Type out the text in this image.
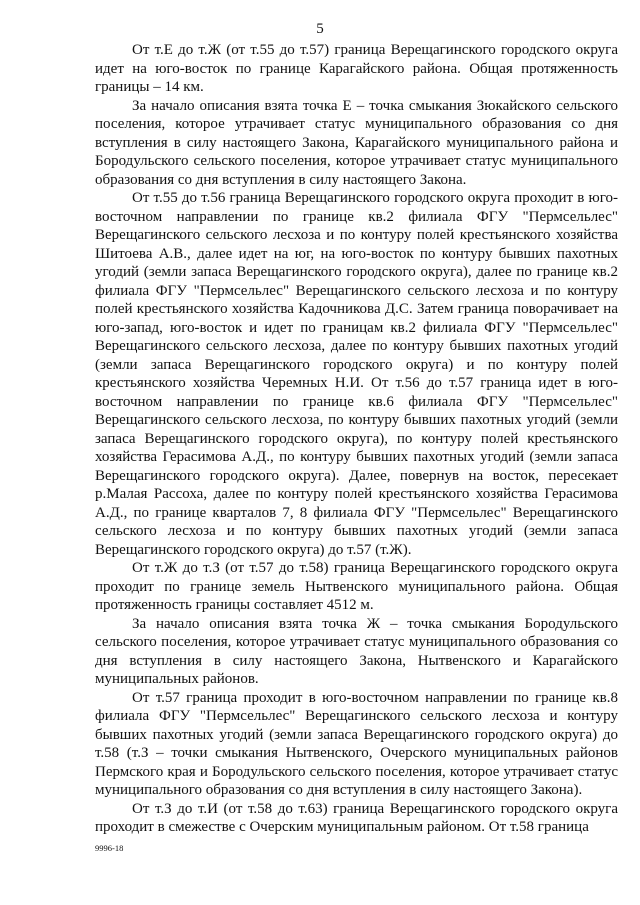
5

От т.Е до т.Ж (от т.55 до т.57) граница Верещагинского городского округа идет на юго-восток по границе Карагайского района. Общая протяженность границы – 14 км.

За начало описания взята точка Е – точка смыкания Зюкайского сельского поселения, которое утрачивает статус муниципального образования со дня вступления в силу настоящего Закона, Карагайского муниципального района и Бородульского сельского поселения, которое утрачивает статус муниципального образования со дня вступления в силу настоящего Закона.

От т.55 до т.56 граница Верещагинского городского округа проходит в юго-восточном направлении по границе кв.2 филиала ФГУ "Пермсельлес" Верещагинского сельского лесхоза и по контуру полей крестьянского хозяйства Шитоева А.В., далее идет на юг, на юго-восток по контуру бывших пахотных угодий (земли запаса Верещагинского городского округа), далее по границе кв.2 филиала ФГУ "Пермсельлес" Верещагинского сельского лесхоза и по контуру полей крестьянского хозяйства Кадочникова Д.С. Затем граница поворачивает на юго-запад, юго-восток и идет по границам кв.2 филиала ФГУ "Пермсельлес" Верещагинского сельского лесхоза, далее по контуру бывших пахотных угодий (земли запаса Верещагинского городского округа) и по контуру полей крестьянского хозяйства Черемных Н.И. От т.56 до т.57 граница идет в юго-восточном направлении по границе кв.6 филиала ФГУ "Пермсельлес" Верещагинского сельского лесхоза, по контуру бывших пахотных угодий (земли запаса Верещагинского городского округа), по контуру полей крестьянского хозяйства Герасимова А.Д., по контуру бывших пахотных угодий (земли запаса Верещагинского городского округа). Далее, повернув на восток, пересекает р.Малая Рассоха, далее по контуру полей крестьянского хозяйства Герасимова А.Д., по границе кварталов 7, 8 филиала ФГУ "Пермсельлес" Верещагинского сельского лесхоза и по контуру бывших пахотных угодий (земли запаса Верещагинского городского округа) до т.57 (т.Ж).

От т.Ж до т.З (от т.57 до т.58) граница Верещагинского городского округа проходит по границе земель Нытвенского муниципального района. Общая протяженность границы составляет 4512 м.

За начало описания взята точка Ж – точка смыкания Бородульского сельского поселения, которое утрачивает статус муниципального образования со дня вступления в силу настоящего Закона, Нытвенского и Карагайского муниципальных районов.

От т.57 граница проходит в юго-восточном направлении по границе кв.8 филиала ФГУ "Пермсельлес" Верещагинского сельского лесхоза и контуру бывших пахотных угодий (земли запаса Верещагинского городского округа) до т.58 (т.З – точки смыкания Нытвенского, Очерского муниципальных районов Пермского края и Бородульского сельского поселения, которое утрачивает статус муниципального образования со дня вступления в силу настоящего Закона).

От т.З до т.И (от т.58 до т.63) граница Верещагинского городского округа проходит в смежестве с Очерским муниципальным районом. От т.58 граница

9996-18
